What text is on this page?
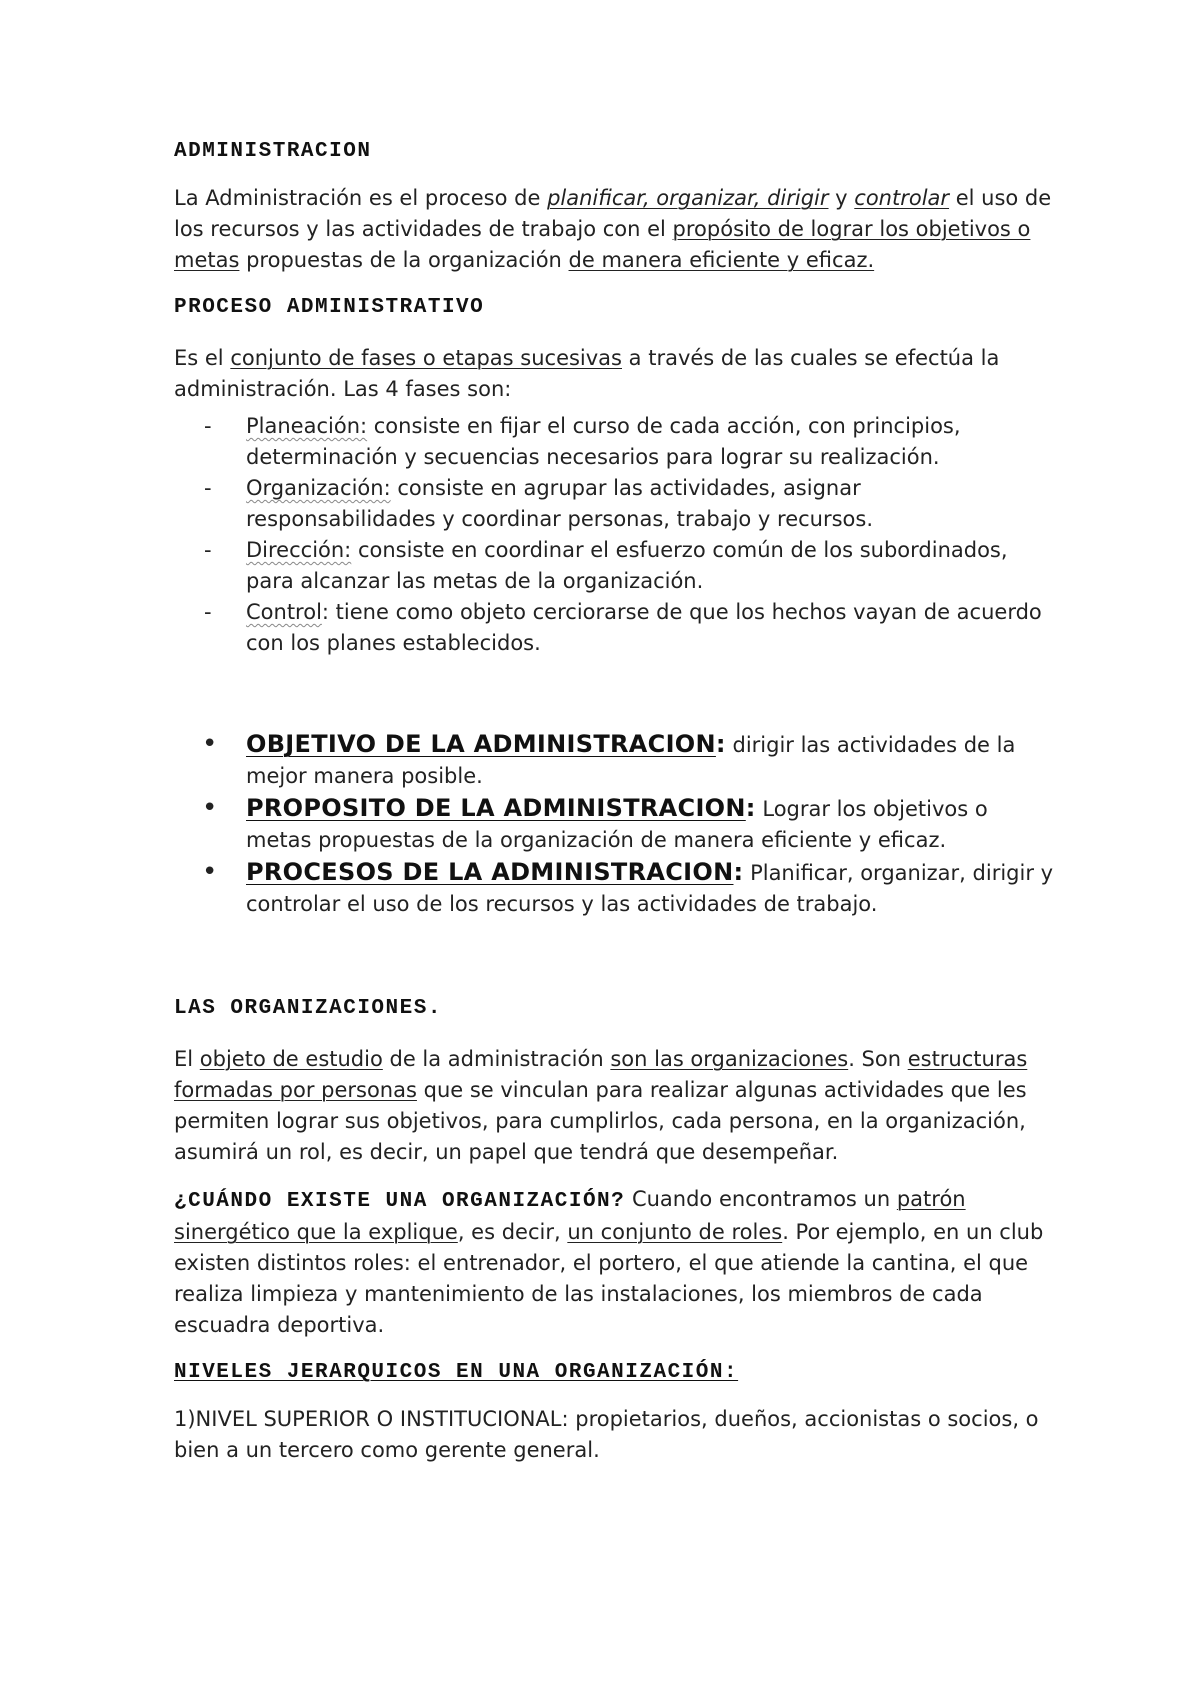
ADMINISTRACION

La Administración es el proceso de planificar, organizar, dirigir y controlar el uso de los recursos y las actividades de trabajo con el propósito de lograr los objetivos o metas propuestas de la organización de manera eficiente y eficaz.

PROCESO ADMINISTRATIVO

Es el conjunto de fases o etapas sucesivas a través de las cuales se efectúa la administración. Las 4 fases son:

- Planeación: consiste en fijar el curso de cada acción, con principios, determinación y secuencias necesarios para lograr su realización.
- Organización: consiste en agrupar las actividades, asignar responsabilidades y coordinar personas, trabajo y recursos.
- Dirección: consiste en coordinar el esfuerzo común de los subordinados, para alcanzar las metas de la organización.
- Control: tiene como objeto cerciorarse de que los hechos vayan de acuerdo con los planes establecidos.
• OBJETIVO DE LA ADMINISTRACION: dirigir las actividades de la mejor manera posible.
• PROPOSITO DE LA ADMINISTRACION: Lograr los objetivos o metas propuestas de la organización de manera eficiente y eficaz.
• PROCESOS DE LA ADMINISTRACION: Planificar, organizar, dirigir y controlar el uso de los recursos y las actividades de trabajo.

LAS ORGANIZACIONES.

El objeto de estudio de la administración son las organizaciones. Son estructuras formadas por personas que se vinculan para realizar algunas actividades que les permiten lograr sus objetivos, para cumplirlos, cada persona, en la organización, asumirá un rol, es decir, un papel que tendrá que desempeñar.

¿CUÁNDO EXISTE UNA ORGANIZACIÓN? Cuando encontramos un patrón sinergético que la explique, es decir, un conjunto de roles. Por ejemplo, en un club existen distintos roles: el entrenador, el portero, el que atiende la cantina, el que realiza limpieza y mantenimiento de las instalaciones, los miembros de cada escuadra deportiva.

NIVELES JERARQUICOS EN UNA ORGANIZACIÓN:

1)NIVEL SUPERIOR O INSTITUCIONAL: propietarios, dueños, accionistas o socios, o bien a un tercero como gerente general.
